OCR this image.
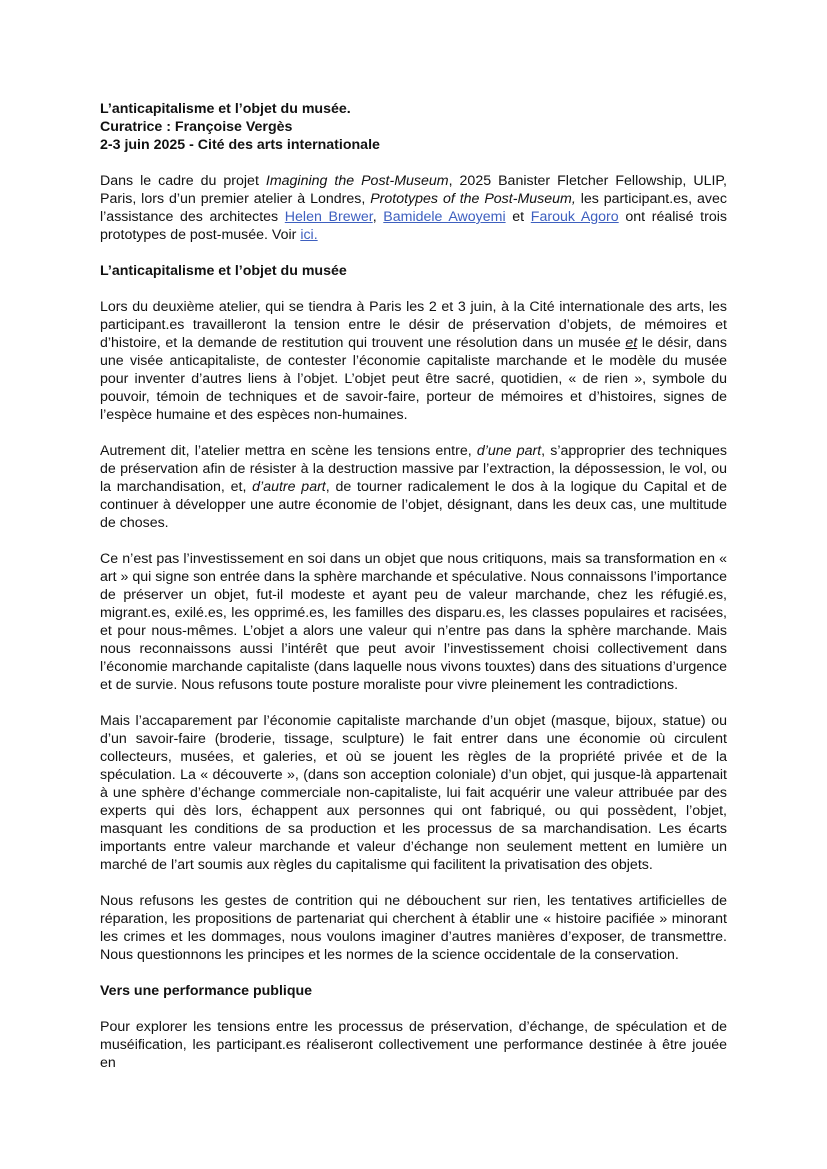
L’anticapitalisme et l’objet du musée.
Curatrice : Françoise Vergès
2-3 juin 2025 - Cité des arts internationale

Dans le cadre du projet Imagining the Post-Museum, 2025 Banister Fletcher Fellowship, ULIP, Paris, lors d’un premier atelier à Londres, Prototypes of the Post-Museum, les participant.es, avec l’assistance des architectes Helen Brewer, Bamidele Awoyemi et Farouk Agoro ont réalisé trois prototypes de post-musée. Voir ici.

L’anticapitalisme et l’objet du musée

Lors du deuxième atelier, qui se tiendra à Paris les 2 et 3 juin, à la Cité internationale des arts, les participant.es travailleront la tension entre le désir de préservation d’objets, de mémoires et d’histoire, et la demande de restitution qui trouvent une résolution dans un musée et le désir, dans une visée anticapitaliste, de contester l’économie capitaliste marchande et le modèle du musée pour inventer d’autres liens à l’objet. L’objet peut être sacré, quotidien, « de rien », symbole du pouvoir, témoin de techniques et de savoir-faire, porteur de mémoires et d’histoires, signes de l’espèce humaine et des espèces non-humaines.

Autrement dit, l’atelier mettra en scène les tensions entre, d’une part, s’approprier des techniques de préservation afin de résister à la destruction massive par l’extraction, la dépossession, le vol, ou la marchandisation, et, d’autre part, de tourner radicalement le dos à la logique du Capital et de continuer à développer une autre économie de l’objet, désignant, dans les deux cas, une multitude de choses.

Ce n’est pas l’investissement en soi dans un objet que nous critiquons, mais sa transformation en « art » qui signe son entrée dans la sphère marchande et spéculative. Nous connaissons l’importance de préserver un objet, fut-il modeste et ayant peu de valeur marchande, chez les réfugié.es, migrant.es, exilé.es, les opprimé.es, les familles des disparu.es, les classes populaires et racisées, et pour nous-mêmes. L’objet a alors une valeur qui n’entre pas dans la sphère marchande. Mais nous reconnaissons aussi l’intérêt que peut avoir l’investissement choisi collectivement dans l’économie marchande capitaliste (dans laquelle nous vivons touxtes) dans des situations d’urgence et de survie. Nous refusons toute posture moraliste pour vivre pleinement les contradictions.

Mais l’accaparement par l’économie capitaliste marchande d’un objet (masque, bijoux, statue) ou d’un savoir-faire (broderie, tissage, sculpture) le fait entrer dans une économie où circulent collecteurs, musées, et galeries, et où se jouent les règles de la propriété privée et de la spéculation. La « découverte », (dans son acception coloniale) d’un objet, qui jusque-là appartenait à une sphère d’échange commerciale non-capitaliste, lui fait acquérir une valeur attribuée par des experts qui dès lors, échappent aux personnes qui ont fabriqué, ou qui possèdent, l’objet, masquant les conditions de sa production et les processus de sa marchandisation. Les écarts importants entre valeur marchande et valeur d’échange non seulement mettent en lumière un marché de l’art soumis aux règles du capitalisme qui facilitent la privatisation des objets.

Nous refusons les gestes de contrition qui ne débouchent sur rien, les tentatives artificielles de réparation, les propositions de partenariat qui cherchent à établir une « histoire pacifiée » minorant les crimes et les dommages, nous voulons imaginer d’autres manières d’exposer, de transmettre. Nous questionnons les principes et les normes de la science occidentale de la conservation.

Vers une performance publique

Pour explorer les tensions entre les processus de préservation, d’échange, de spéculation et de muséification, les participant.es réaliseront collectivement une performance destinée à être jouée en
